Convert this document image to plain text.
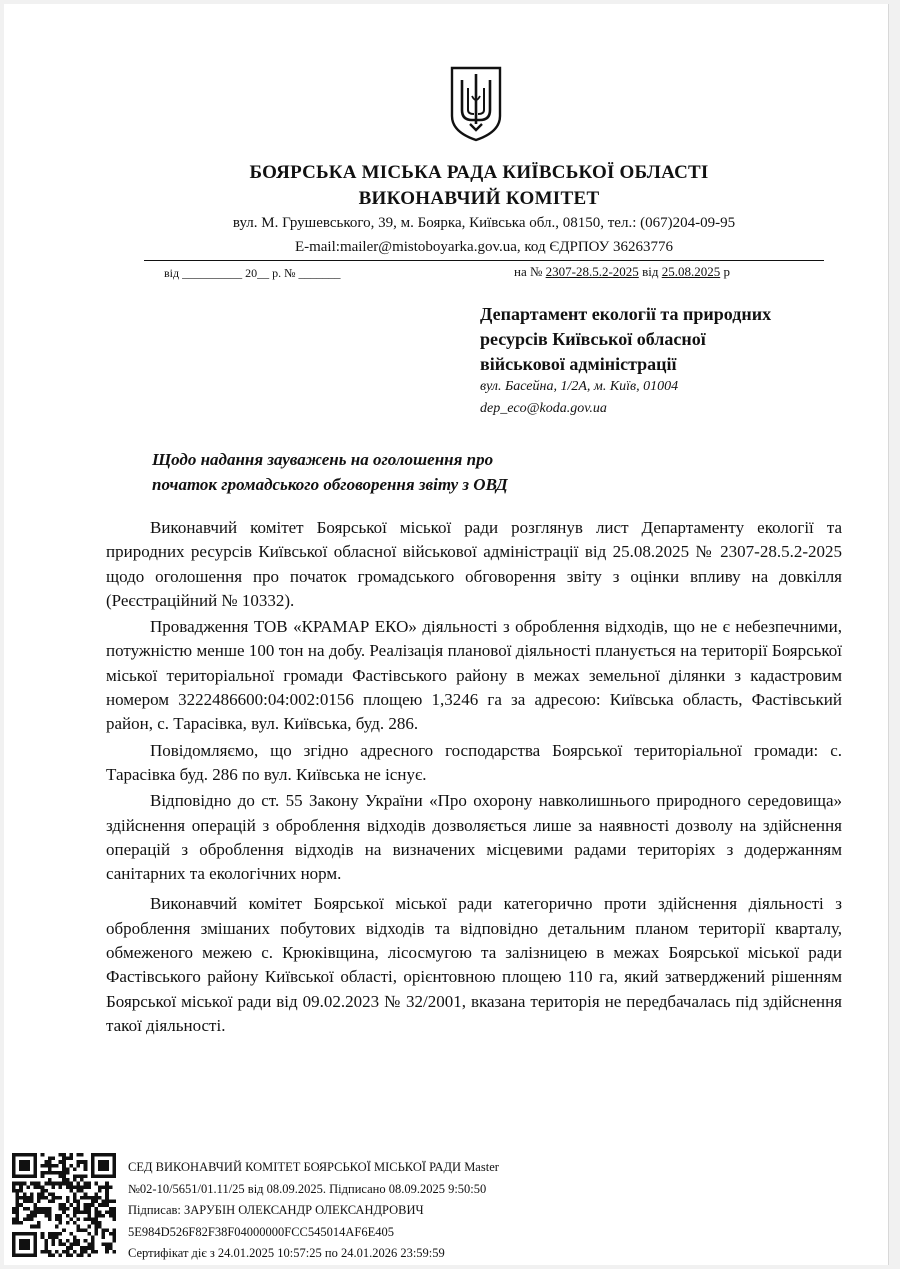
БОЯРСЬКА МІСЬКА РАДА КИЇВСЬКОЇ ОБЛАСТІ
ВИКОНАВЧИЙ КОМІТЕТ
вул. М. Грушевського, 39, м. Боярка, Київська обл., 08150, тел.: (067)204-09-95
E-mail:mailer@mistoboyarka.gov.ua, код ЄДРПОУ 36263776
від __________ 20__ р. № _______	на № 2307-28.5.2-2025 від 25.08.2025 р
Департамент екології та природних
ресурсів Київської обласної
військової адміністрації
вул. Басейна, 1/2А, м. Київ, 01004
dep_eco@koda.gov.ua
Щодо надання зауважень на оголошення про
початок громадського обговорення звіту з ОВД

Виконавчий комітет Боярської міської ради розглянув лист Департаменту екології та природних ресурсів Київської обласної військової адміністрації від 25.08.2025 № 2307-28.5.2-2025 щодо оголошення про початок громадського обговорення звіту з оцінки впливу на довкілля (Реєстраційний № 10332).

Провадження ТОВ «КРАМАР ЕКО» діяльності з оброблення відходів, що не є небезпечними, потужністю менше 100 тон на добу. Реалізація планової діяльності планується на території Боярської міської територіальної громади Фастівського району в межах земельної ділянки з кадастровим номером 3222486600:04:002:0156 площею 1,3246 га за адресою: Київська область, Фастівський район, с. Тарасівка, вул. Київська, буд. 286.

Повідомляємо, що згідно адресного господарства Боярської територіальної громади: с. Тарасівка буд. 286 по вул. Київська не існує.

Відповідно до ст. 55 Закону України «Про охорону навколишнього природного середовища» здійснення операцій з оброблення відходів дозволяється лише за наявності дозволу на здійснення операцій з оброблення відходів на визначених місцевими радами територіях з додержанням санітарних та екологічних норм.

Виконавчий комітет Боярської міської ради категорично проти здійснення діяльності з оброблення змішаних побутових відходів та відповідно детальним планом території кварталу, обмеженого межею с. Крюківщина, лісосмугою та залізницею в межах Боярської міської ради Фастівського району Київської області, орієнтовною площею 110 га, який затверджений рішенням Боярської міської ради від 09.02.2023 № 32/2001, вказана територія не передбачалась під здійснення такої діяльності.

СЕД ВИКОНАВЧИЙ КОМІТЕТ БОЯРСЬКОЇ МІСЬКОЇ РАДИ Master
№02-10/5651/01.11/25 від 08.09.2025. Підписано 08.09.2025 9:50:50
Підписав: ЗАРУБІН ОЛЕКСАНДР ОЛЕКСАНДРОВИЧ
5E984D526F82F38F04000000FCC545014AF6E405
Сертифікат діє з 24.01.2025 10:57:25 по 24.01.2026 23:59:59
